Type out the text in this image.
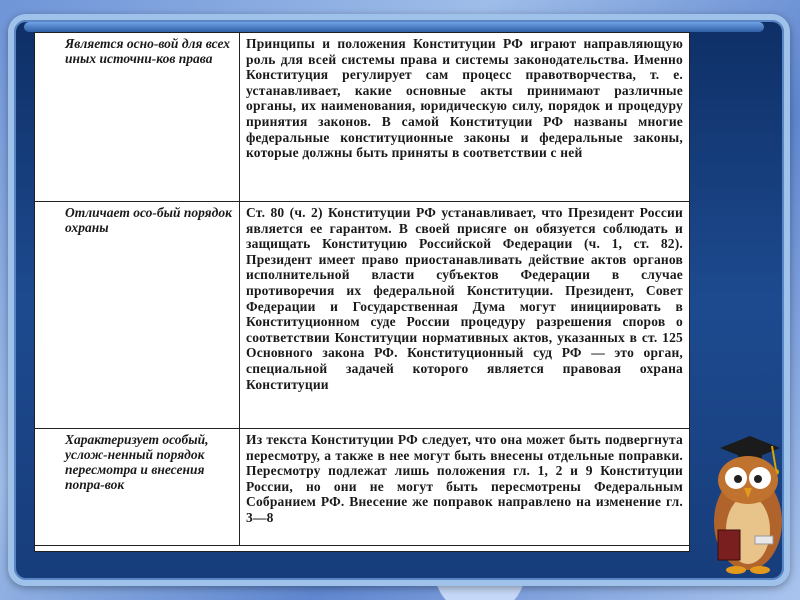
Является осно-вой для всех иных источни-ков права	Принципы и положения Конституции РФ играют направляющую роль для всей системы права и системы законодательства. Именно Конституция регулирует сам процесс правотворчества, т. е. устанавливает, какие основные акты принимают различные органы, их наименования, юридическую силу, порядок и процедуру принятия законов. В самой Конституции РФ названы многие федеральные конституционные законы и федеральные законы, которые должны быть приняты в соответствии с ней
Отличает осо-бый порядок охраны	Ст. 80 (ч. 2) Конституции РФ устанавливает, что Президент России является ее гарантом. В своей присяге он обязуется соблюдать и защищать Конституцию Российской Федерации (ч. 1, ст. 82). Президент имеет право приостанавливать действие актов органов исполнительной власти субъектов Федерации в случае противоречия их федеральной Конституции. Президент, Совет Федерации и Государственная Дума могут инициировать в Конституционном суде России процедуру разрешения споров о соответствии Конституции нормативных актов, указанных в ст. 125 Основного закона РФ. Конституционный суд РФ — это орган, специальной задачей которого является правовая охрана Конституции
Характеризует особый, услож-ненный порядок пересмотра и внесения попра-вок	Из текста Конституции РФ следует, что она может быть подвергнута пересмотру, а также в нее могут быть внесены отдельные поправки. Пересмотру подлежат лишь положения гл. 1, 2 и 9 Конституции России, но они не могут быть пересмотрены Федеральным Собранием РФ. Внесение же поправок направлено на изменение гл. 3—8
